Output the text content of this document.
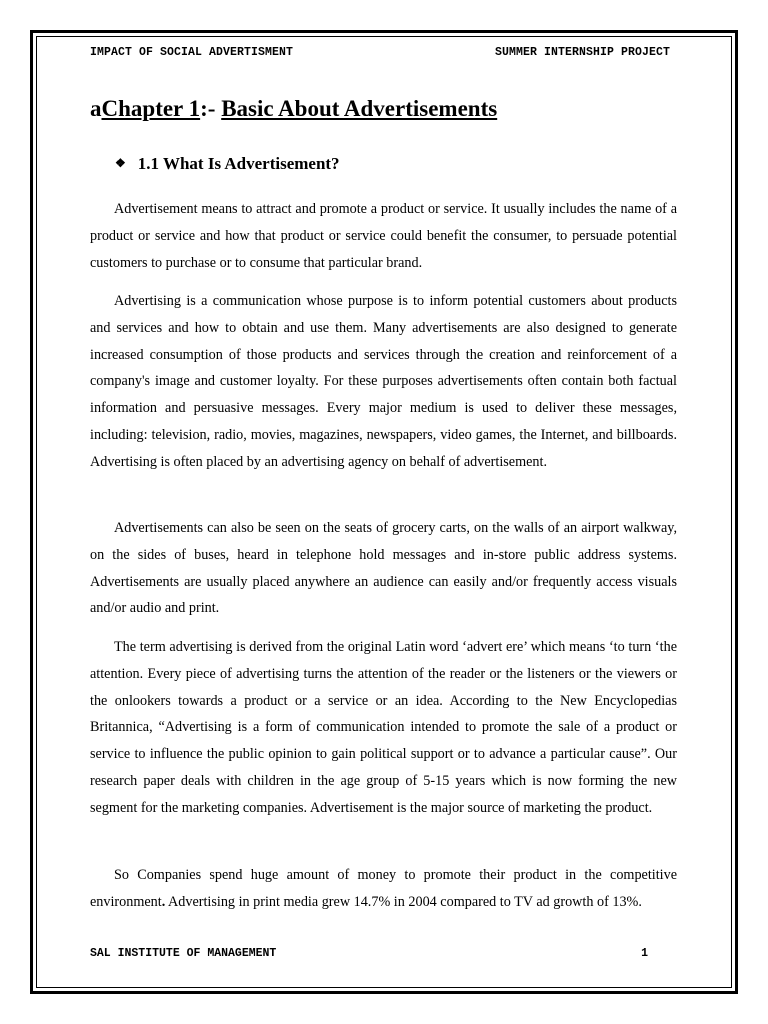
IMPACT OF SOCIAL ADVERTISMENT	SUMMER INTERNSHIP PROJECT
aChapter 1:- Basic About Advertisements
❖ 1.1 What Is Advertisement?

Advertisement means to attract and promote a product or service. It usually includes the name of a product or service and how that product or service could benefit the consumer, to persuade potential customers to purchase or to consume that particular brand.

Advertising is a communication whose purpose is to inform potential customers about products and services and how to obtain and use them. Many advertisements are also designed to generate increased consumption of those products and services through the creation and reinforcement of a company's image and customer loyalty. For these purposes advertisements often contain both factual information and persuasive messages. Every major medium is used to deliver these messages, including: television, radio, movies, magazines, newspapers, video games, the Internet, and billboards. Advertising is often placed by an advertising agency on behalf of advertisement.

Advertisements can also be seen on the seats of grocery carts, on the walls of an airport walkway, on the sides of buses, heard in telephone hold messages and in-store public address systems. Advertisements are usually placed anywhere an audience can easily and/or frequently access visuals and/or audio and print.

The term advertising is derived from the original Latin word ‘advert ere’ which means ‘to turn ‘the attention. Every piece of advertising turns the attention of the reader or the listeners or the viewers or the onlookers towards a product or a service or an idea. According to the New Encyclopedias Britannica, “Advertising is a form of communication intended to promote the sale of a product or service to influence the public opinion to gain political support or to advance a particular cause”. Our research paper deals with children in the age group of 5-15 years which is now forming the new segment for the marketing companies. Advertisement is the major source of marketing the product.

So Companies spend huge amount of money to promote their product in the competitive environment. Advertising in print media grew 14.7% in 2004 compared to TV ad growth of 13%.

SAL INSTITUTE OF MANAGEMENT	1
